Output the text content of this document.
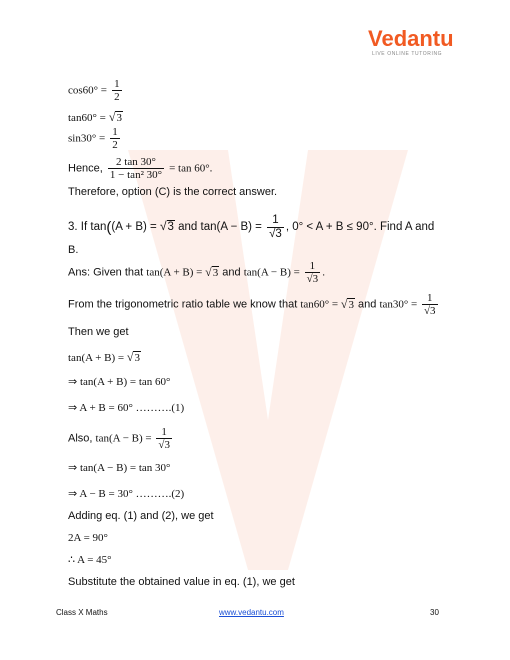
Vedantu
LIVE ONLINE TUTORING
$\cos 60^\circ = \frac{1}{2}$
tan60° = √3
$\sin 30^\circ = \frac{1}{2}$
Hence, $\frac{2 \tan 30^\circ}{\text{1 − tan² 30°}} = \tan 60^\circ$.
Therefore, option (C) is the correct answer.
3. If tan((A + B) = √3 and $\tan(A - B) = \frac{1}{√3}$ , 0° < A + B ≤ 90°. Find A and
B.
Ans: Given that tan(A + B) = √3 and $\tan(A - B) = \frac{1}{√3}$ .
From the trigonometric ratio table we know that tan60° = √3 and $\tan 30^\circ = \frac{1}{√3}$
Then we get
tan(A + B) = √3
⇒ tan(A + B) = tan 60°
⇒ A + B = 60° ……….(1)
Also, $\tan(A - B) = \frac{1}{√3}$
⇒ tan(A − B) = tan 30°
⇒ A − B = 30° ……….(2)
Adding eq. (1) and (2), we get
2A = 90°
∴ A = 45°
Substitute the obtained value in eq. (1), we get
Class X Maths	www.vedantu.com	30
